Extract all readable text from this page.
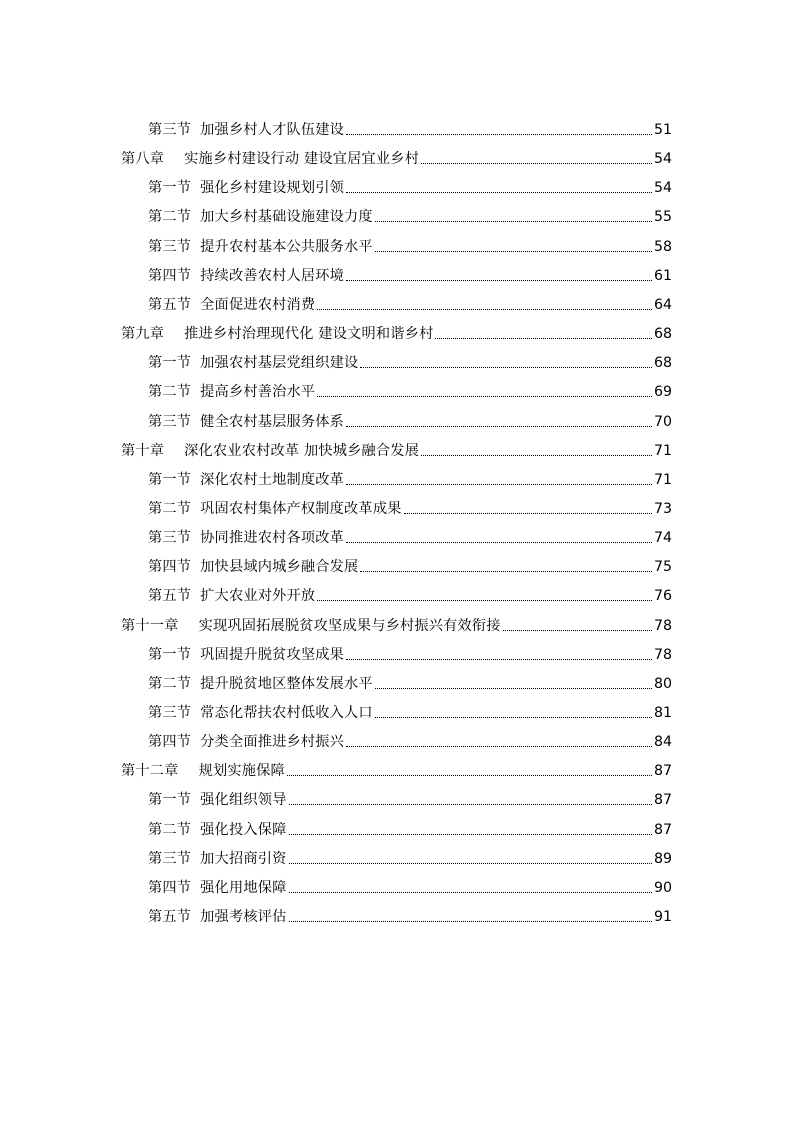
第三节 加强乡村人才队伍建设	51
第八章 实施乡村建设行动 建设宜居宜业乡村	54
第一节 强化乡村建设规划引领	54
第二节 加大乡村基础设施建设力度	55
第三节 提升农村基本公共服务水平	58
第四节 持续改善农村人居环境	61
第五节 全面促进农村消费	64
第九章 推进乡村治理现代化 建设文明和谐乡村	68
第一节 加强农村基层党组织建设	68
第二节 提高乡村善治水平	69
第三节 健全农村基层服务体系	70
第十章 深化农业农村改革 加快城乡融合发展	71
第一节 深化农村土地制度改革	71
第二节 巩固农村集体产权制度改革成果	73
第三节 协同推进农村各项改革	74
第四节 加快县域内城乡融合发展	75
第五节 扩大农业对外开放	76
第十一章 实现巩固拓展脱贫攻坚成果与乡村振兴有效衔接	78
第一节 巩固提升脱贫攻坚成果	78
第二节 提升脱贫地区整体发展水平	80
第三节 常态化帮扶农村低收入人口	81
第四节 分类全面推进乡村振兴	84
第十二章 规划实施保障	87
第一节 强化组织领导	87
第二节 强化投入保障	87
第三节 加大招商引资	89
第四节 强化用地保障	90
第五节 加强考核评估	91
